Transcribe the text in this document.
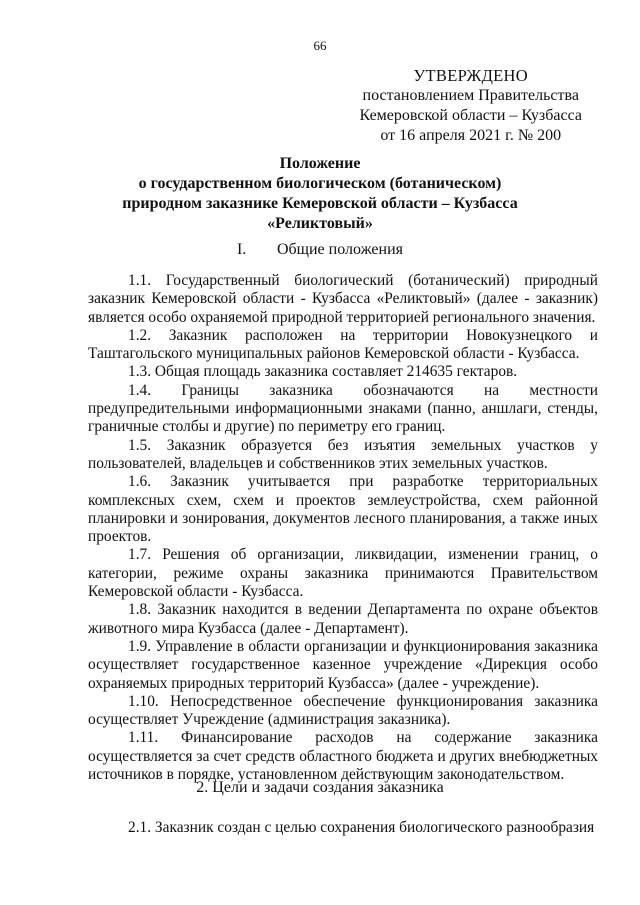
66
УТВЕРЖДЕНО
постановлением Правительства
Кемеровской области – Кузбасса
от 16 апреля 2021 г. № 200
Положение
о государственном биологическом (ботаническом)
природном заказнике Кемеровской области – Кузбасса
«Реликтовый»
I. Общие положения

1.1. Государственный биологический (ботанический) природный заказник Кемеровской области - Кузбасса «Реликтовый» (далее - заказник) является особо охраняемой природной территорией регионального значения.

1.2. Заказник расположен на территории Новокузнецкого и Таштагольского муниципальных районов Кемеровской области - Кузбасса.

1.3. Общая площадь заказника составляет 214635 гектаров.

1.4. Границы заказника обозначаются на местности предупредительными информационными знаками (панно, аншлаги, стенды, граничные столбы и другие) по периметру его границ.

1.5. Заказник образуется без изъятия земельных участков у пользователей, владельцев и собственников этих земельных участков.

1.6. Заказник учитывается при разработке территориальных комплексных схем, схем и проектов землеустройства, схем районной планировки и зонирования, документов лесного планирования, а также иных проектов.

1.7. Решения об организации, ликвидации, изменении границ, о категории, режиме охраны заказника принимаются Правительством Кемеровской области - Кузбасса.

1.8. Заказник находится в ведении Департамента по охране объектов животного мира Кузбасса (далее - Департамент).

1.9. Управление в области организации и функционирования заказника осуществляет государственное казенное учреждение «Дирекция особо охраняемых природных территорий Кузбасса» (далее - учреждение).

1.10. Непосредственное обеспечение функционирования заказника осуществляет Учреждение (администрация заказника).

1.11. Финансирование расходов на содержание заказника осуществляется за счет средств областного бюджета и других внебюджетных источников в порядке, установленном действующим законодательством.

2. Цели и задачи создания заказника

2.1. Заказник создан с целью сохранения биологического разнообразия
